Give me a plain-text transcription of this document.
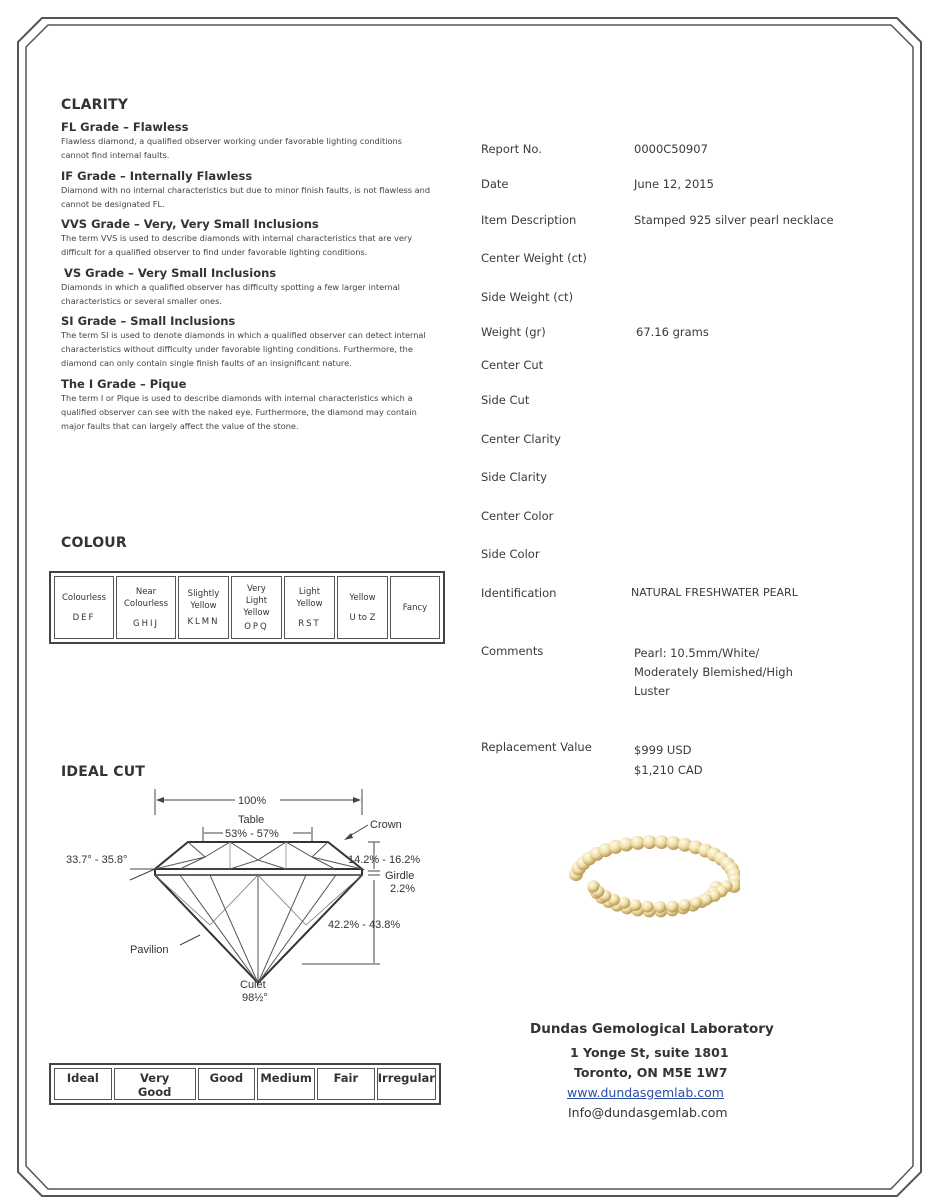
CLARITY
FL Grade – Flawless
Flawless diamond, a qualified observer working under favorable lighting conditions cannot find internal faults.
IF Grade – Internally Flawless
Diamond with no internal characteristics but due to minor finish faults, is not flawless and cannot be designated FL.
VVS Grade – Very, Very Small Inclusions
The term VVS is used to describe diamonds with internal characteristics that are very difficult for a qualified observer to find under favorable lighting conditions.
VS Grade – Very Small Inclusions
Diamonds in which a qualified observer has difficulty spotting a few larger internal characteristics or several smaller ones.
SI Grade – Small Inclusions
The term SI is used to denote diamonds in which a qualified observer can detect internal characteristics without difficulty under favorable lighting conditions. Furthermore, the diamond can only contain single finish faults of an insignificant nature.
The I Grade – Pique
The term I or Pique is used to describe diamonds with internal characteristics which a qualified observer can see with the naked eye. Furthermore, the diamond may contain major faults that can largely affect the value of the stone.
COLOUR
Colourless
DEF
Near Colourless
GHIJ
Slightly Yellow
KLMN
Very Light Yellow
OPQ
Light Yellow
RST
Yellow
U to Z
Fancy
IDEAL CUT
100%
Table
53% - 57%
Crown
33.7° - 35.8°	14.2% - 16.2%
Girdle
2.2%
42.2% - 43.8%
Pavilion
Culet
98½°
Ideal	Very Good
Good	Medium	Fair	Irregular
Report No.	0000C50907
Date	June 12, 2015
Item Description	Stamped 925 silver pearl necklace
Center Weight (ct)
Side Weight (ct)
Weight (gr)	67.16 grams
Center Cut
Side Cut
Center Clarity
Side Clarity
Center Color
Side Color
Identification	NATURAL FRESHWATER PEARL
Comments	Pearl: 10.5mm/White/
Moderately Blemished/High
Luster
Replacement Value	$999 USD
$1,210 CAD
Dundas Gemological Laboratory
1 Yonge St, suite 1801
Toronto, ON M5E 1W7
www.dundasgemlab.com
Info@dundasgemlab.com
